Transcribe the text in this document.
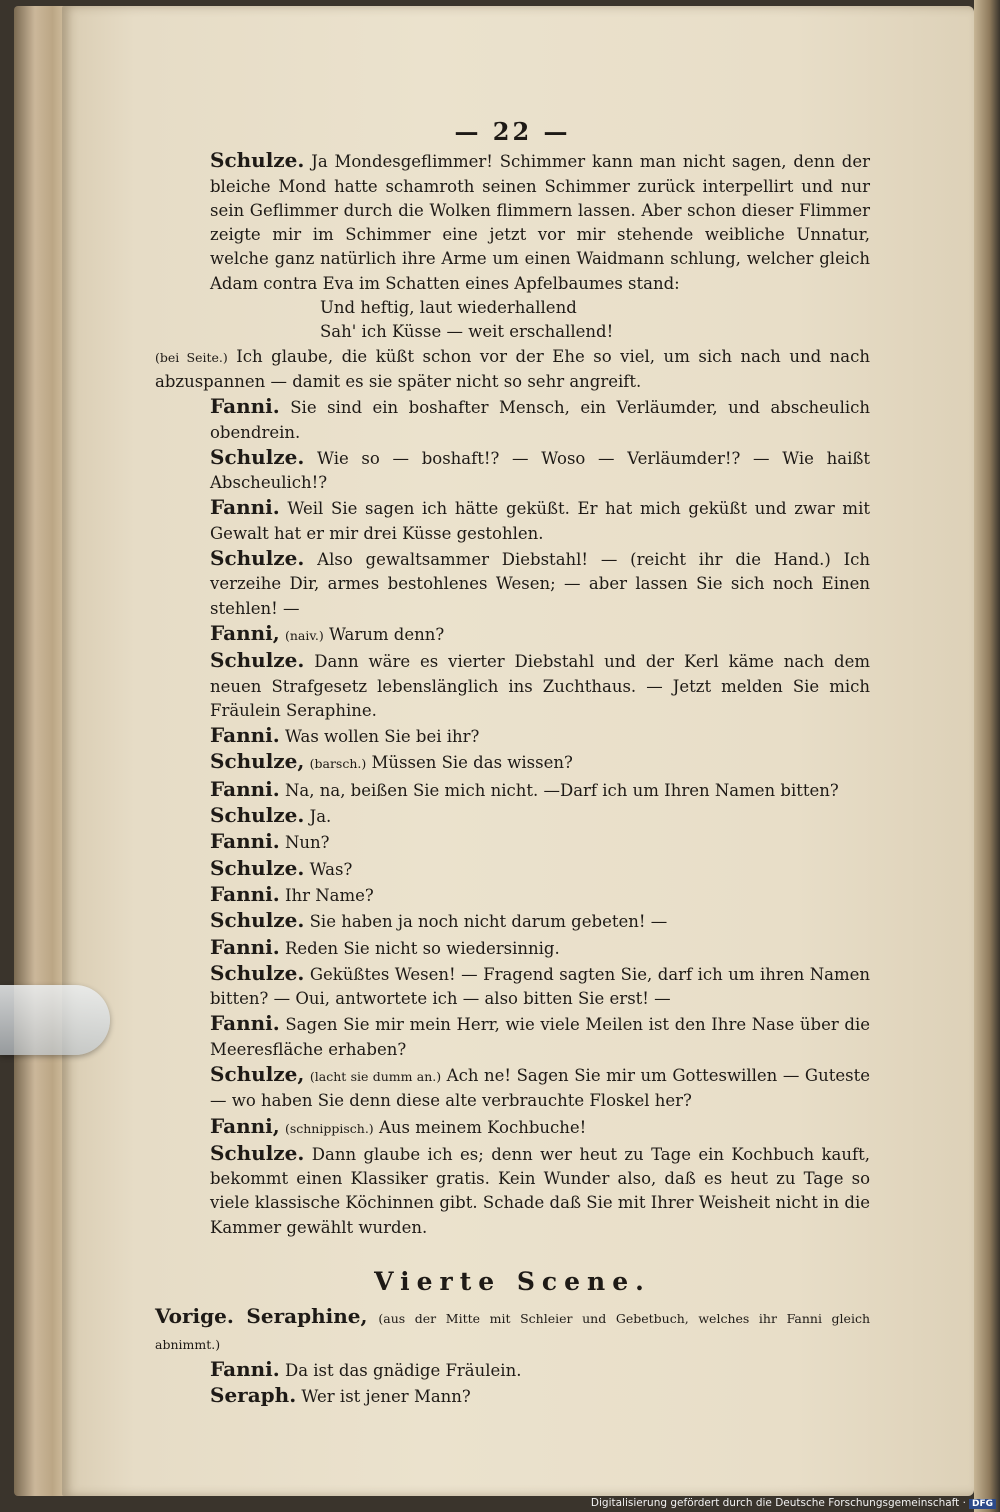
— 22 —

Schulze. Ja Mondesgeflimmer! Schimmer kann man nicht sagen, denn der bleiche Mond hatte schamroth seinen Schimmer zurück interpellirt und nur sein Geflimmer durch die Wolken flimmern lassen. Aber schon dieser Flimmer zeigte mir im Schimmer eine jetzt vor mir stehende weibliche Unnatur, welche ganz natürlich ihre Arme um einen Waidmann schlung, welcher gleich Adam contra Eva im Schatten eines Apfelbaumes stand:

Und heftig, laut wiederhallend

Sah' ich Küsse — weit erschallend!

(bei Seite.) Ich glaube, die küßt schon vor der Ehe so viel, um sich nach und nach abzuspannen — damit es sie später nicht so sehr angreift.

Fanni. Sie sind ein boshafter Mensch, ein Verläumder, und abscheulich obendrein.

Schulze. Wie so — boshaft!? — Woso — Verläumder!? — Wie haißt Abscheulich!?

Fanni. Weil Sie sagen ich hätte geküßt. Er hat mich geküßt und zwar mit Gewalt hat er mir drei Küsse gestohlen.

Schulze. Also gewaltsammer Diebstahl! — (reicht ihr die Hand.) Ich verzeihe Dir, armes bestohlenes Wesen; — aber lassen Sie sich noch Einen stehlen! —

Fanni, (naiv.) Warum denn?

Schulze. Dann wäre es vierter Diebstahl und der Kerl käme nach dem neuen Strafgesetz lebenslänglich ins Zuchthaus. — Jetzt melden Sie mich Fräulein Seraphine.

Fanni. Was wollen Sie bei ihr?

Schulze, (barsch.) Müssen Sie das wissen?

Fanni. Na, na, beißen Sie mich nicht. —Darf ich um Ihren Namen bitten?

Schulze. Ja.

Fanni. Nun?

Schulze. Was?

Fanni. Ihr Name?

Schulze. Sie haben ja noch nicht darum gebeten! —

Fanni. Reden Sie nicht so wiedersinnig.

Schulze. Geküßtes Wesen! — Fragend sagten Sie, darf ich um ihren Namen bitten? — Oui, antwortete ich — also bitten Sie erst! —

Fanni. Sagen Sie mir mein Herr, wie viele Meilen ist den Ihre Nase über die Meeresfläche erhaben?

Schulze, (lacht sie dumm an.) Ach ne! Sagen Sie mir um Gotteswillen — Guteste — wo haben Sie denn diese alte verbrauchte Floskel her?

Fanni, (schnippisch.) Aus meinem Kochbuche!

Schulze. Dann glaube ich es; denn wer heut zu Tage ein Kochbuch kauft, bekommt einen Klassiker gratis. Kein Wunder also, daß es heut zu Tage so viele klassische Köchinnen gibt. Schade daß Sie mit Ihrer Weisheit nicht in die Kammer gewählt wurden.

Vierte Scene.

Vorige. Seraphine, (aus der Mitte mit Schleier und Gebetbuch, welches ihr Fanni gleich abnimmt.)

Fanni. Da ist das gnädige Fräulein.

Seraph. Wer ist jener Mann?

Digitalisierung gefördert durch die Deutsche Forschungsgemeinschaft · DFG
